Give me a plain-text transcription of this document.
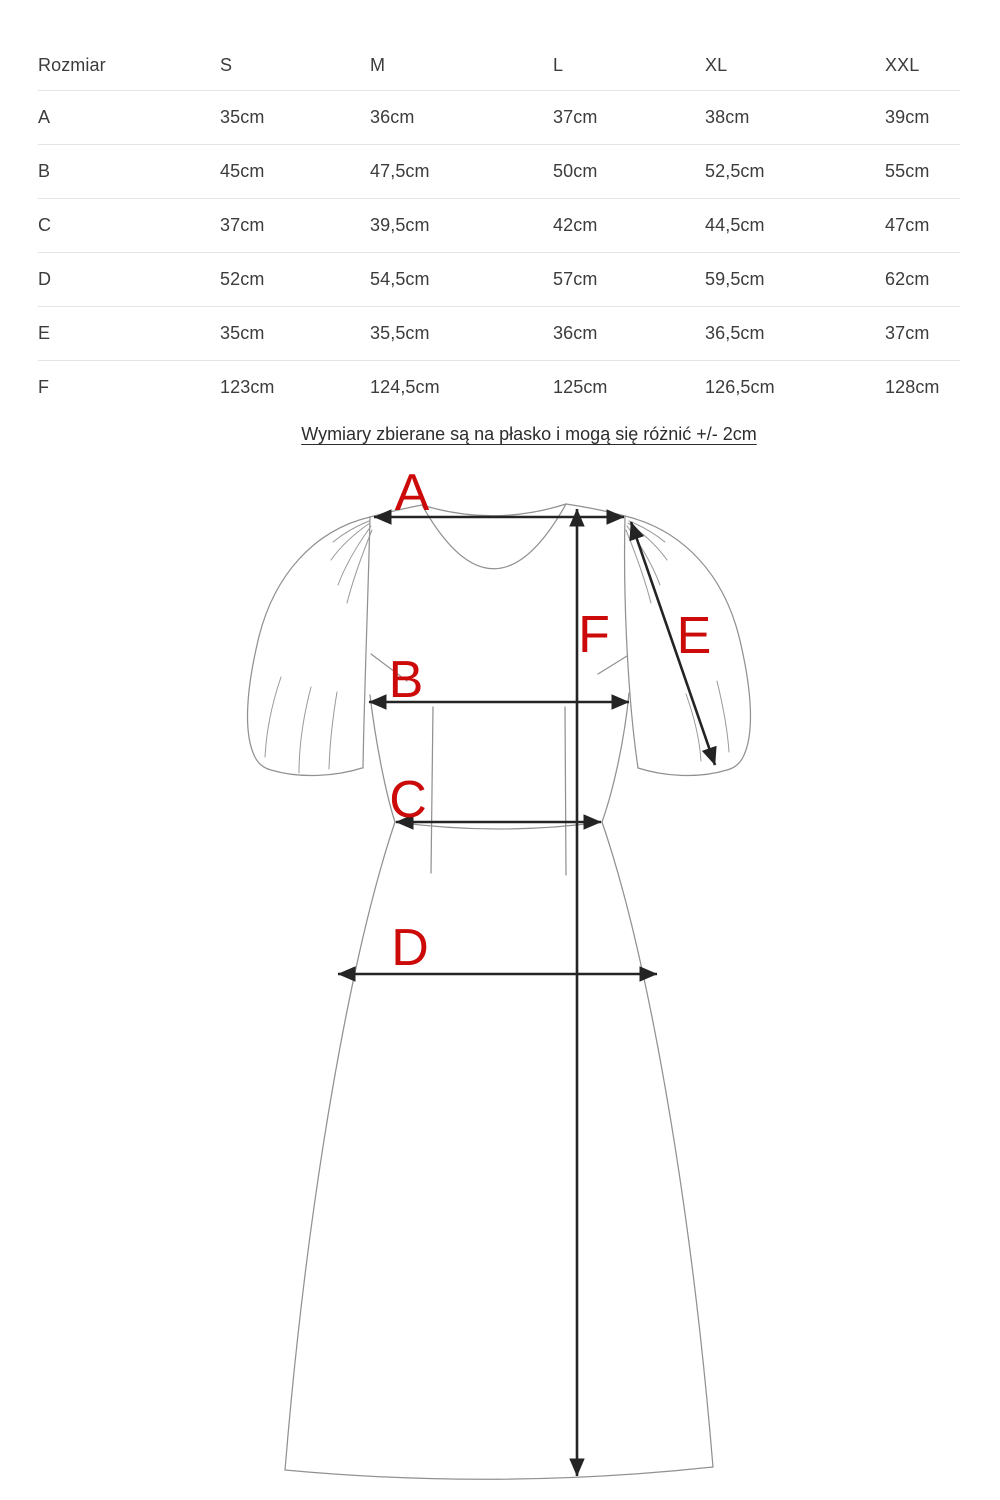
Rozmiar	S	M	L	XL	XXL
A	35cm	36cm	37cm	38cm	39cm
B	45cm	47,5cm	50cm	52,5cm	55cm
C	37cm	39,5cm	42cm	44,5cm	47cm
D	52cm	54,5cm	57cm	59,5cm	62cm
E	35cm	35,5cm	36cm	36,5cm	37cm
F	123cm	124,5cm	125cm	126,5cm	128cm
Wymiary zbierane są na płasko i mogą się różnić +/- 2cm
A
B
C
D
E
F
